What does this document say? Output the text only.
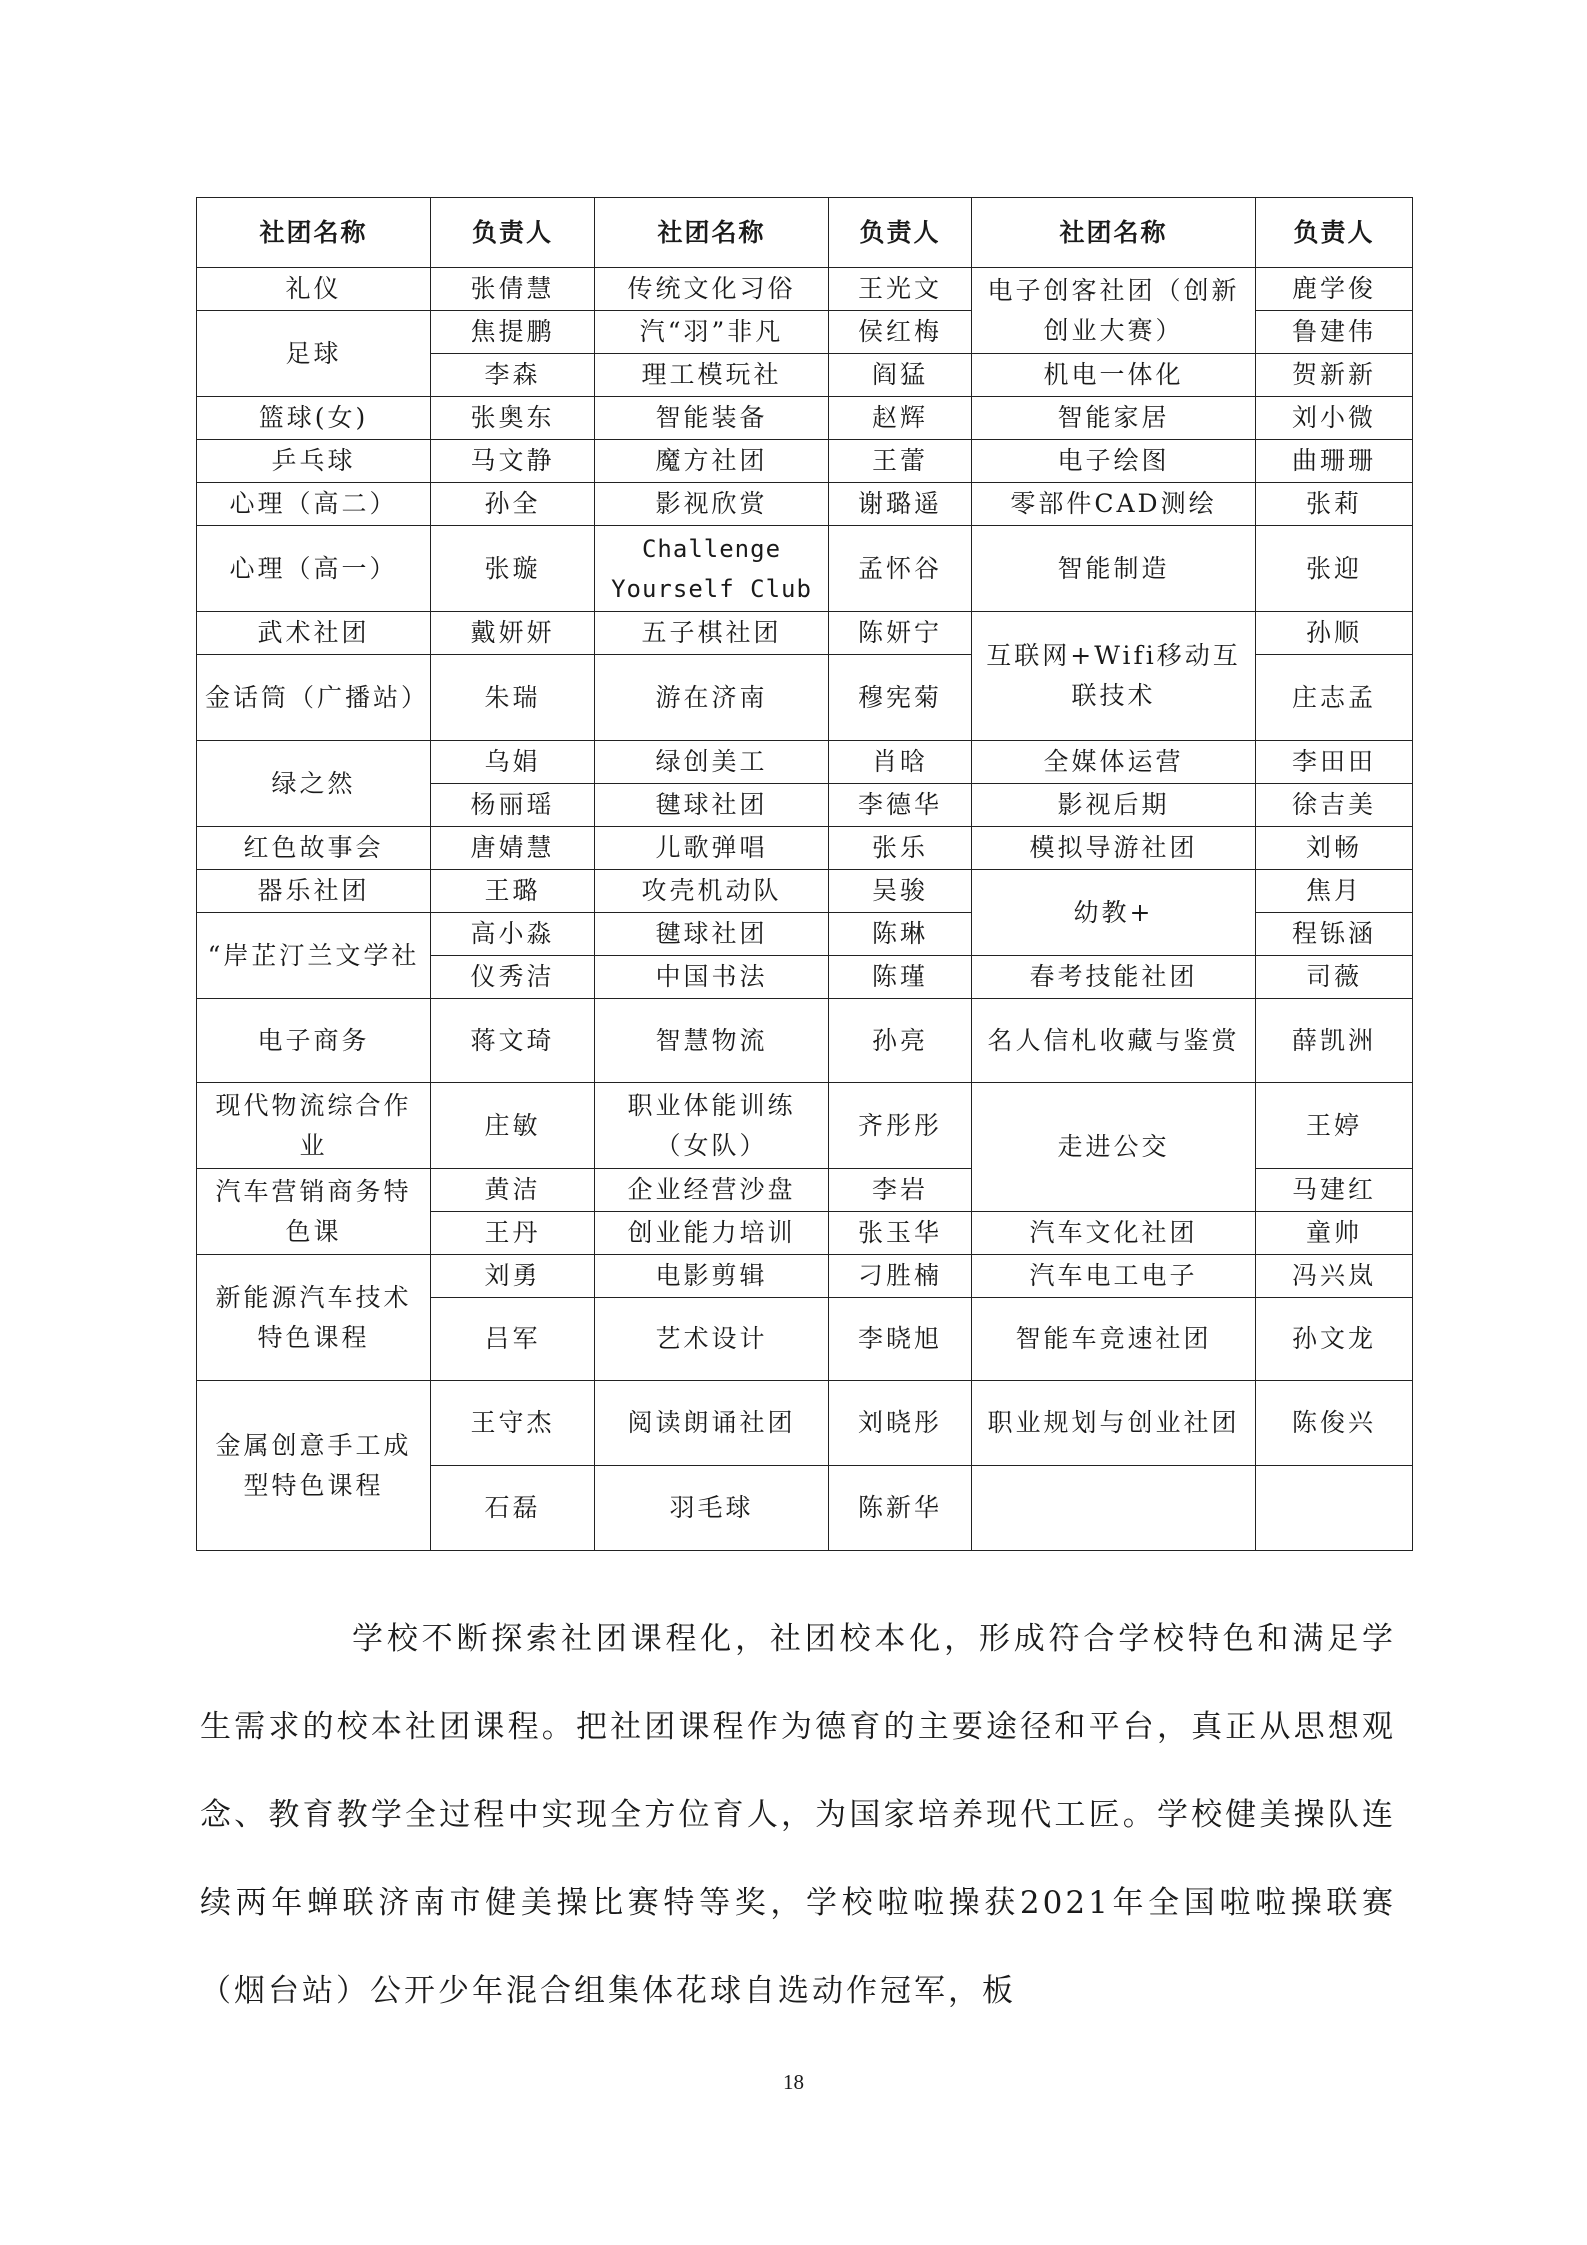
社团名称	负责人	社团名称	负责人	社团名称	负责人
礼仪	张倩慧	传统文化习俗	王光文	电子创客社团（创新创业大赛）	鹿学俊
足球	焦提鹏	汽“羽”非凡	侯红梅		鲁建伟
	李森	理工模玩社	阎猛	机电一体化	贺新新
篮球(女)	张奥东	智能装备	赵辉	智能家居	刘小微
乒乓球	马文静	魔方社团	王蕾	电子绘图	曲珊珊
心理（高二）	孙全	影视欣赏	谢璐遥	零部件CAD测绘	张莉
心理（高一）	张璇	Challenge Yourself Club	孟怀谷	智能制造	张迎
武术社团	戴妍妍	五子棋社团	陈妍宁	互联网+Wifi移动互联技术	孙顺
金话筒（广播站）	朱瑞	游在济南	穆宪菊		庄志孟
绿之然	乌娟	绿创美工	肖晗	全媒体运营	李田田
	杨丽瑶	毽球社团	李德华	影视后期	徐吉美
红色故事会	唐婧慧	儿歌弹唱	张乐	模拟导游社团	刘畅
器乐社团	王璐	攻壳机动队	吴骏	幼教+	焦月
“岸芷汀兰文学社	高小淼	毽球社团	陈琳		程铄涵
	仪秀洁	中国书法	陈瑾	春考技能社团	司薇
电子商务	蒋文琦	智慧物流	孙亮	名人信札收藏与鉴赏	薛凯洲
现代物流综合作业	庄敏	职业体能训练（女队）	齐彤彤	走进公交	王婷
汽车营销商务特色课	黄洁	企业经营沙盘	李岩		马建红
	王丹	创业能力培训	张玉华	汽车文化社团	童帅
新能源汽车技术特色课程	刘勇	电影剪辑	刁胜楠	汽车电工电子	冯兴岚
	吕军	艺术设计	李晓旭	智能车竞速社团	孙文龙
金属创意手工成型特色课程	王守杰	阅读朗诵社团	刘晓彤	职业规划与创业社团	陈俊兴
	石磊	羽毛球	陈新华		
学校不断探索社团课程化，社团校本化，形成符合学校特色和满足学生需求的校本社团课程。把社团课程作为德育的主要途径和平台，真正从思想观念、教育教学全过程中实现全方位育人，为国家培养现代工匠。学校健美操队连续两年蝉联济南市健美操比赛特等奖，学校啦啦操获2021年全国啦啦操联赛（烟台站）公开少年混合组集体花球自选动作冠军，板
18
